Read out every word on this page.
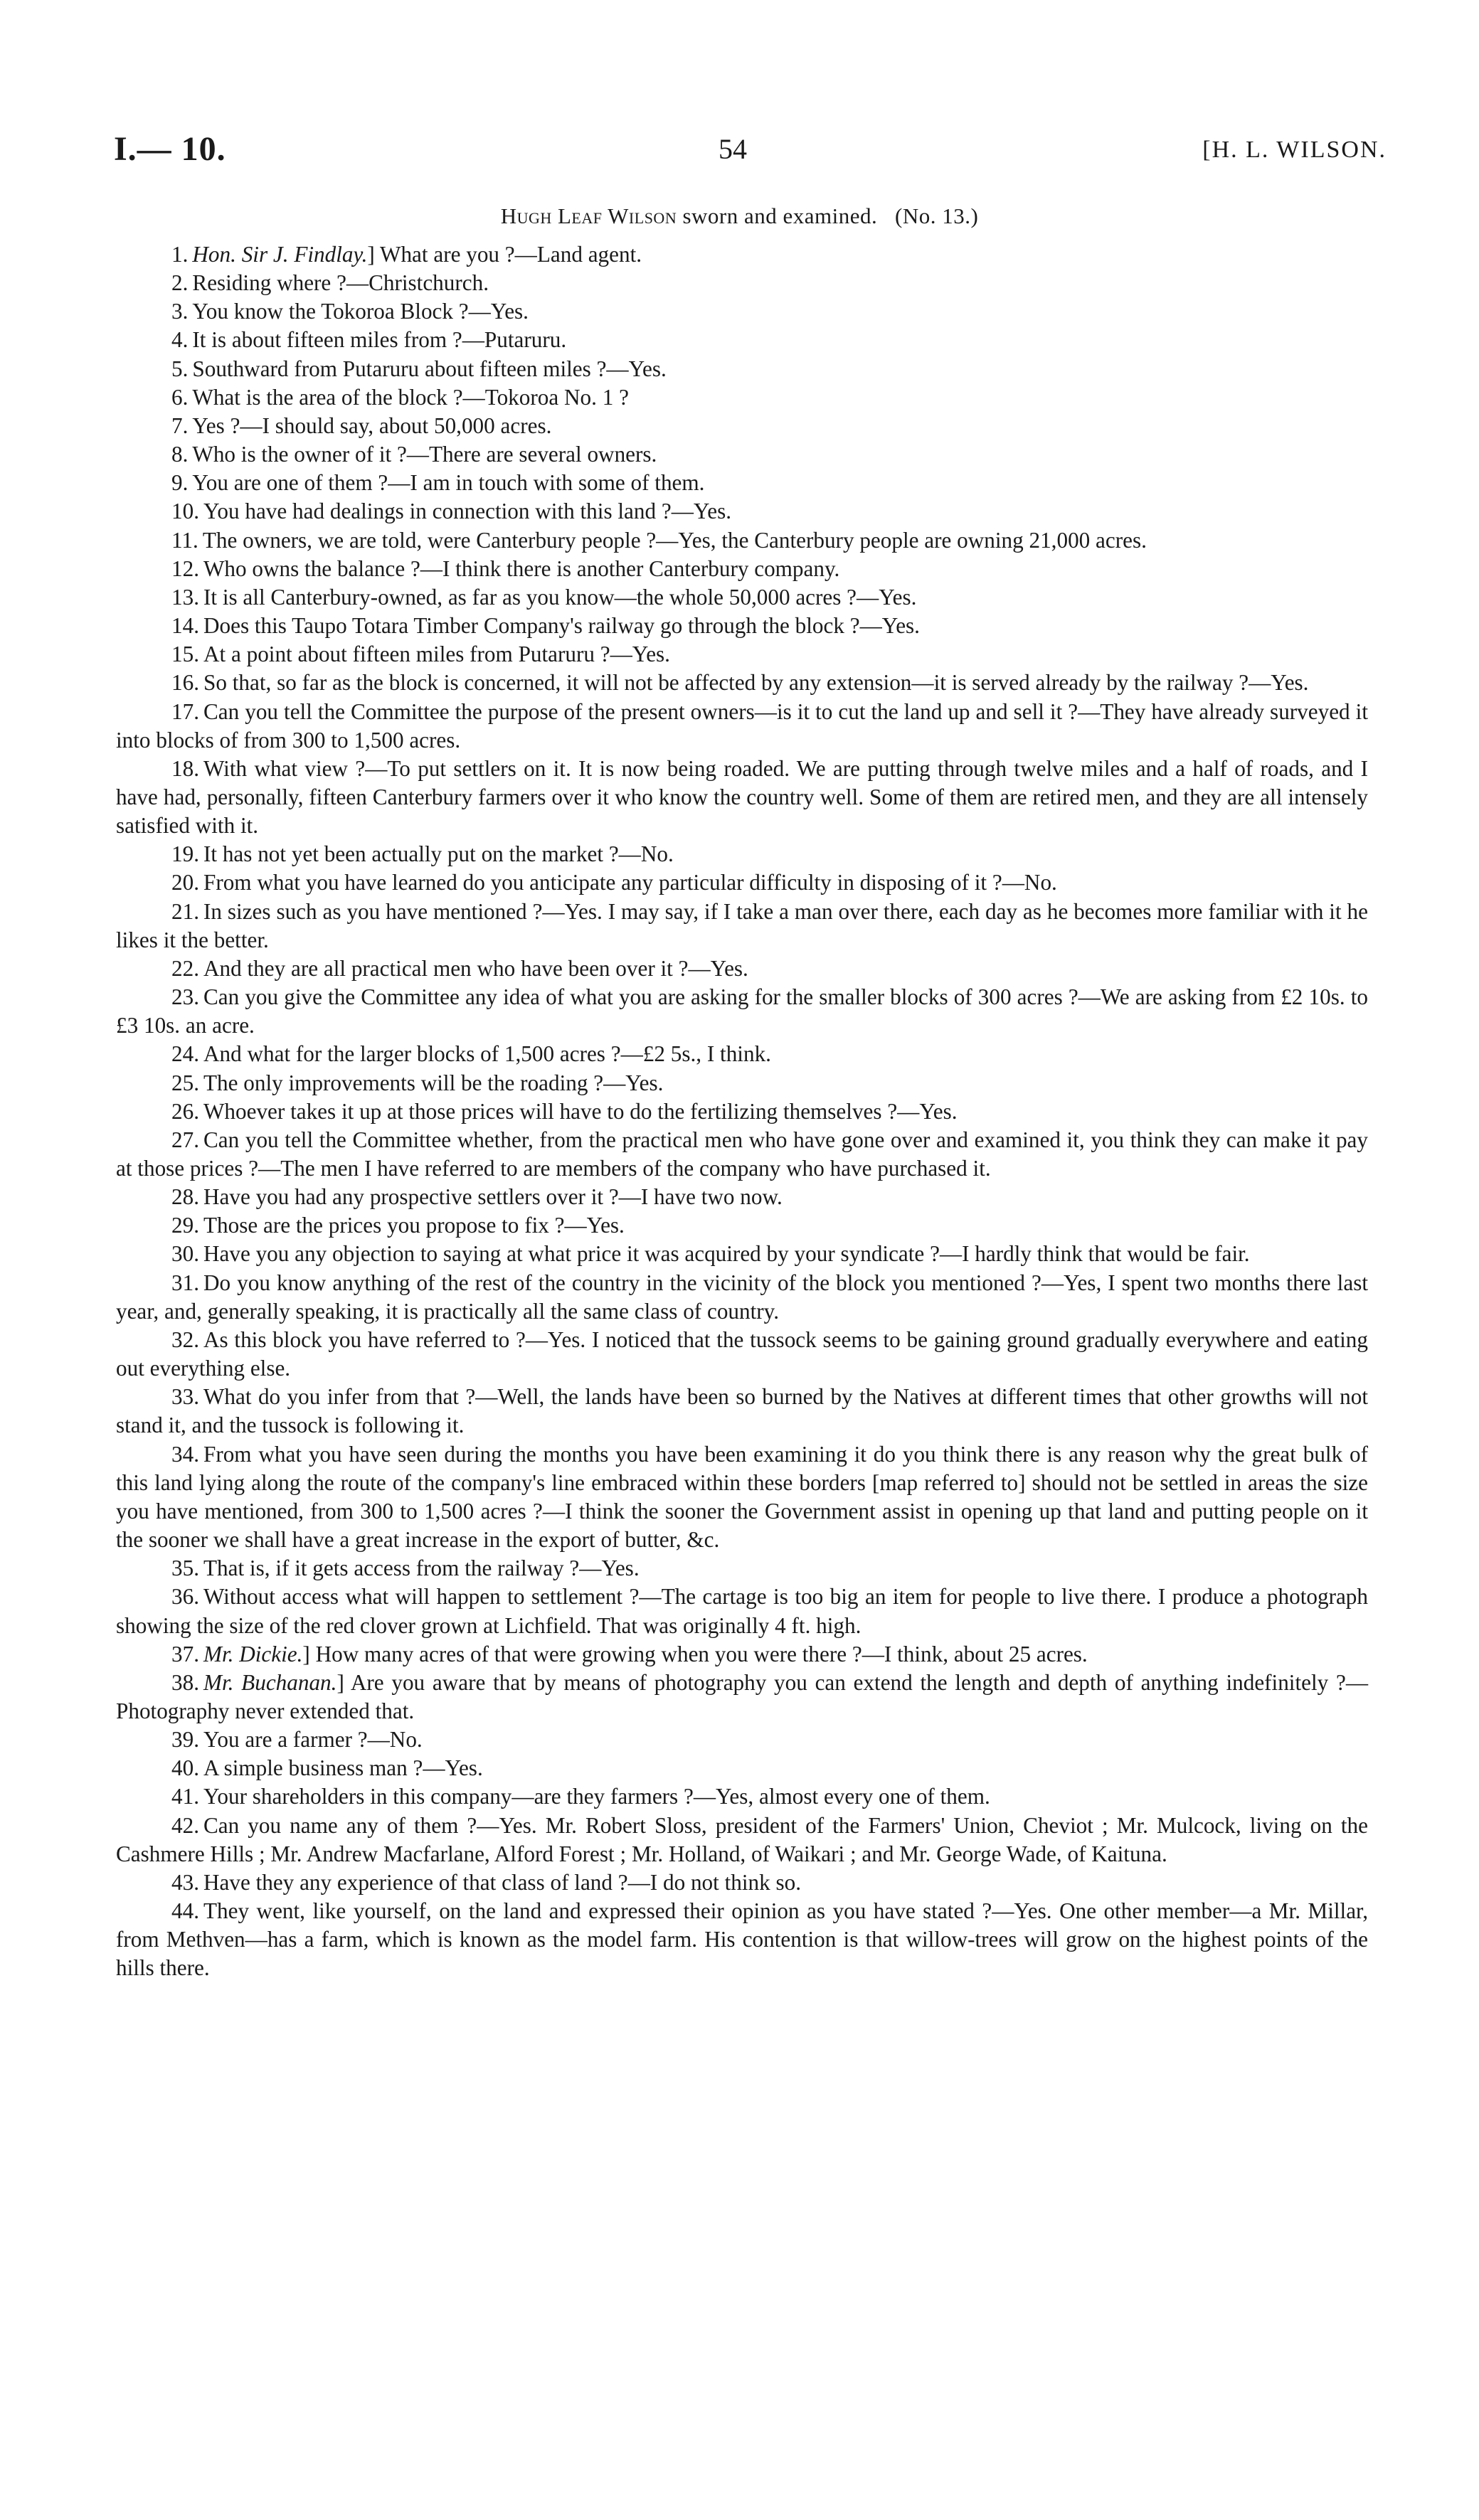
I.— 10.	54	[H. L. WILSON.
Hugh Leaf Wilson sworn and examined. (No. 13.)

1. Hon. Sir J. Findlay.] What are you ?—Land agent.

2. Residing where ?—Christchurch.

3. You know the Tokoroa Block ?—Yes.

4. It is about fifteen miles from ?—Putaruru.

5. Southward from Putaruru about fifteen miles ?—Yes.

6. What is the area of the block ?—Tokoroa No. 1 ?

7. Yes ?—I should say, about 50,000 acres.

8. Who is the owner of it ?—There are several owners.

9. You are one of them ?—I am in touch with some of them.

10. You have had dealings in connection with this land ?—Yes.

11. The owners, we are told, were Canterbury people ?—Yes, the Canterbury people are owning 21,000 acres.

12. Who owns the balance ?—I think there is another Canterbury company.

13. It is all Canterbury-owned, as far as you know—the whole 50,000 acres ?—Yes.

14. Does this Taupo Totara Timber Company's railway go through the block ?—Yes.

15. At a point about fifteen miles from Putaruru ?—Yes.

16. So that, so far as the block is concerned, it will not be affected by any extension—it is served already by the railway ?—Yes.

17. Can you tell the Committee the purpose of the present owners—is it to cut the land up and sell it ?—They have already surveyed it into blocks of from 300 to 1,500 acres.

18. With what view ?—To put settlers on it. It is now being roaded. We are putting through twelve miles and a half of roads, and I have had, personally, fifteen Canterbury farmers over it who know the country well. Some of them are retired men, and they are all intensely satisfied with it.

19. It has not yet been actually put on the market ?—No.

20. From what you have learned do you anticipate any particular difficulty in disposing of it ?—No.

21. In sizes such as you have mentioned ?—Yes. I may say, if I take a man over there, each day as he becomes more familiar with it he likes it the better.

22. And they are all practical men who have been over it ?—Yes.

23. Can you give the Committee any idea of what you are asking for the smaller blocks of 300 acres ?—We are asking from £2 10s. to £3 10s. an acre.

24. And what for the larger blocks of 1,500 acres ?—£2 5s., I think.

25. The only improvements will be the roading ?—Yes.

26. Whoever takes it up at those prices will have to do the fertilizing themselves ?—Yes.

27. Can you tell the Committee whether, from the practical men who have gone over and examined it, you think they can make it pay at those prices ?—The men I have referred to are members of the company who have purchased it.

28. Have you had any prospective settlers over it ?—I have two now.

29. Those are the prices you propose to fix ?—Yes.

30. Have you any objection to saying at what price it was acquired by your syndicate ?—I hardly think that would be fair.

31. Do you know anything of the rest of the country in the vicinity of the block you mentioned ?—Yes, I spent two months there last year, and, generally speaking, it is practically all the same class of country.

32. As this block you have referred to ?—Yes. I noticed that the tussock seems to be gaining ground gradually everywhere and eating out everything else.

33. What do you infer from that ?—Well, the lands have been so burned by the Natives at different times that other growths will not stand it, and the tussock is following it.

34. From what you have seen during the months you have been examining it do you think there is any reason why the great bulk of this land lying along the route of the company's line embraced within these borders [map referred to] should not be settled in areas the size you have mentioned, from 300 to 1,500 acres ?—I think the sooner the Government assist in opening up that land and putting people on it the sooner we shall have a great increase in the export of butter, &c.

35. That is, if it gets access from the railway ?—Yes.

36. Without access what will happen to settlement ?—The cartage is too big an item for people to live there. I produce a photograph showing the size of the red clover grown at Lichfield. That was originally 4 ft. high.

37. Mr. Dickie.] How many acres of that were growing when you were there ?—I think, about 25 acres.

38. Mr. Buchanan.] Are you aware that by means of photography you can extend the length and depth of anything indefinitely ?—Photography never extended that.

39. You are a farmer ?—No.

40. A simple business man ?—Yes.

41. Your shareholders in this company—are they farmers ?—Yes, almost every one of them.

42. Can you name any of them ?—Yes. Mr. Robert Sloss, president of the Farmers' Union, Cheviot ; Mr. Mulcock, living on the Cashmere Hills ; Mr. Andrew Macfarlane, Alford Forest ; Mr. Holland, of Waikari ; and Mr. George Wade, of Kaituna.

43. Have they any experience of that class of land ?—I do not think so.

44. They went, like yourself, on the land and expressed their opinion as you have stated ?—Yes. One other member—a Mr. Millar, from Methven—has a farm, which is known as the model farm. His contention is that willow-trees will grow on the highest points of the hills there.
